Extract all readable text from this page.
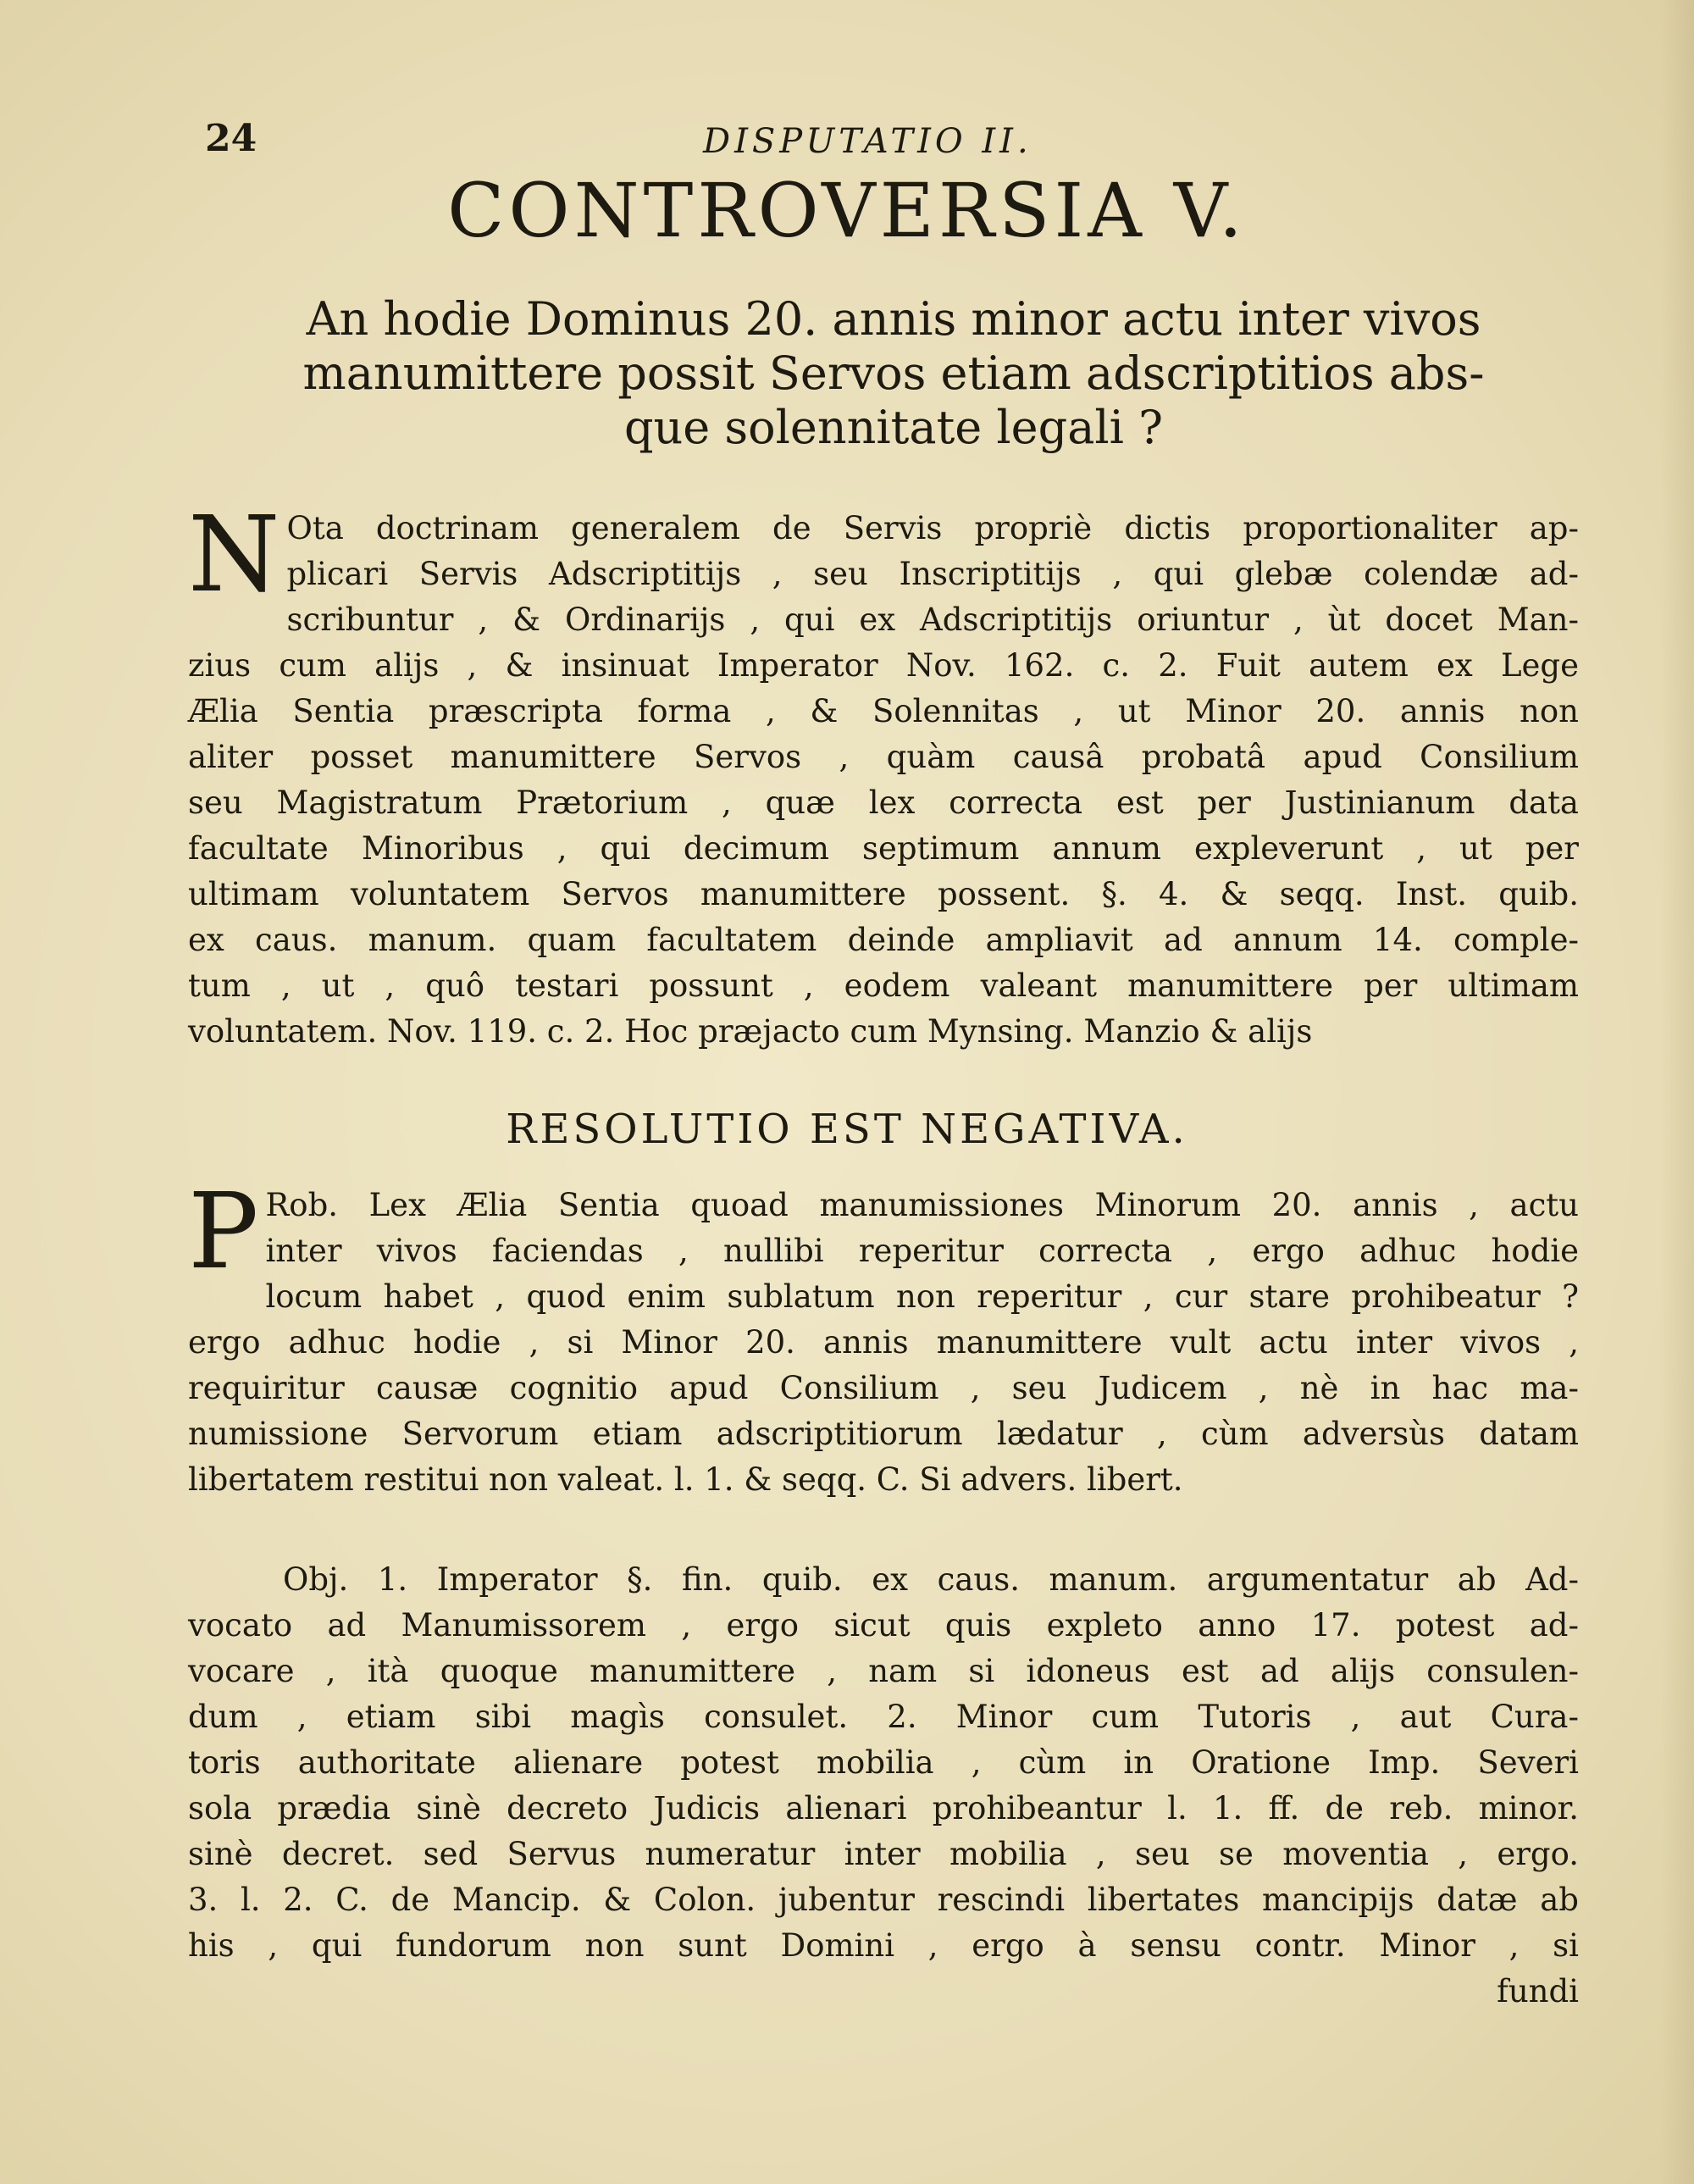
24	DISPUTATIO II.
CONTROVERSIA V.
An hodie Dominus 20. annis minor actu inter vivos
manumittere possit Servos etiam adscriptitios abs-
que solennitate legali ?
N Ota doctrinam generalem de Servis propriè dictis proportionaliter ap-
plicari Servis Adscriptitijs , seu Inscriptitijs , qui glebæ colendæ ad-
scribuntur , & Ordinarijs , qui ex Adscriptitijs oriuntur , ùt docet Man-
zius cum alijs , & insinuat Imperator Nov. 162. c. 2. Fuit autem ex Lege
Ælia Sentia præscripta forma , & Solennitas , ut Minor 20. annis non
aliter posset manumittere Servos , quàm causâ probatâ apud Consilium
seu Magistratum Prætorium , quæ lex correcta est per Justinianum data
facultate Minoribus , qui decimum septimum annum expleverunt , ut per
ultimam voluntatem Servos manumittere possent. §. 4. & seqq. Inst. quib.
ex caus. manum. quam facultatem deinde ampliavit ad annum 14. comple-
tum , ut , quô testari possunt , eodem valeant manumittere per ultimam
voluntatem. Nov. 119. c. 2. Hoc præjacto cum Mynsing. Manzio & alijs
RESOLUTIO EST NEGATIVA.
P Rob. Lex Ælia Sentia quoad manumissiones Minorum 20. annis , actu
inter vivos faciendas , nullibi reperitur correcta , ergo adhuc hodie
locum habet , quod enim sublatum non reperitur , cur stare prohibeatur ?
ergo adhuc hodie , si Minor 20. annis manumittere vult actu inter vivos ,
requiritur causæ cognitio apud Consilium , seu Judicem , nè in hac ma-
numissione Servorum etiam adscriptitiorum lædatur , cùm adversùs datam
libertatem restitui non valeat. l. 1. & seqq. C. Si advers. libert.
Obj. 1. Imperator §. fin. quib. ex caus. manum. argumentatur ab Ad-
vocato ad Manumissorem , ergo sicut quis expleto anno 17. potest ad-
vocare , ità quoque manumittere , nam si idoneus est ad alijs consulen-
dum , etiam sibi magìs consulet. 2. Minor cum Tutoris , aut Cura-
toris authoritate alienare potest mobilia , cùm in Oratione Imp. Severi
sola prædia sinè decreto Judicis alienari prohibeantur l. 1. ff. de reb. minor.
sinè decret. sed Servus numeratur inter mobilia , seu se moventia , ergo.
3. l. 2. C. de Mancip. & Colon. jubentur rescindi libertates mancipijs datæ ab
his , qui fundorum non sunt Domini , ergo à sensu contr. Minor , si
fundi
